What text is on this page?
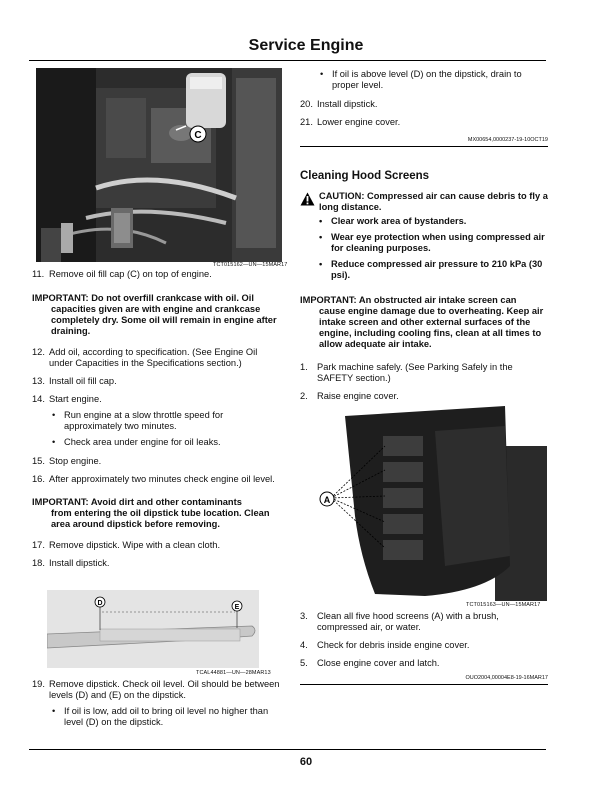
Service Engine
C
TCT015162—UN—15MAR17
11. Remove oil fill cap (C) on top of engine.
IMPORTANT: Do not overfill crankcase with oil. Oil
capacities given are with engine and crankcase completely dry. Some oil will remain in engine after draining.
12. Add oil, according to specification. (See Engine Oil under Capacities in the Specifications section.)
13. Install oil fill cap.
14. Start engine.
• Run engine at a slow throttle speed for approximately two minutes.
• Check area under engine for oil leaks.
15. Stop engine.
16. After approximately two minutes check engine oil level.
IMPORTANT: Avoid dirt and other contaminants
from entering the oil dipstick tube location. Clean area around dipstick before removing.
17. Remove dipstick. Wipe with a clean cloth.
18. Install dipstick.
D
E
TCAL44881—UN—28MAR13
19. Remove dipstick. Check oil level. Oil should be between levels (D) and (E) on the dipstick.
• If oil is low, add oil to bring oil level no higher than level (D) on the dipstick.
• If oil is above level (D) on the dipstick, drain to proper level.
20. Install dipstick.
21. Lower engine cover.
MX00654,0000237-19-10OCT19
Cleaning Hood Screens
CAUTION: Compressed air can cause debris to fly a long distance.
• Clear work area of bystanders.
• Wear eye protection when using compressed air for cleaning purposes.
• Reduce compressed air pressure to 210 kPa (30 psi).
IMPORTANT: An obstructed air intake screen can
cause engine damage due to overheating. Keep air intake screen and other external surfaces of the engine, including cooling fins, clean at all times to allow adequate air intake.
1. Park machine safely. (See Parking Safely in the SAFETY section.)
2. Raise engine cover.
A
TCT015163—UN—15MAR17
3. Clean all five hood screens (A) with a brush, compressed air, or water.
4. Check for debris inside engine cover.
5. Close engine cover and latch.
OUO2004,00004E8-19-16MAR17
60
